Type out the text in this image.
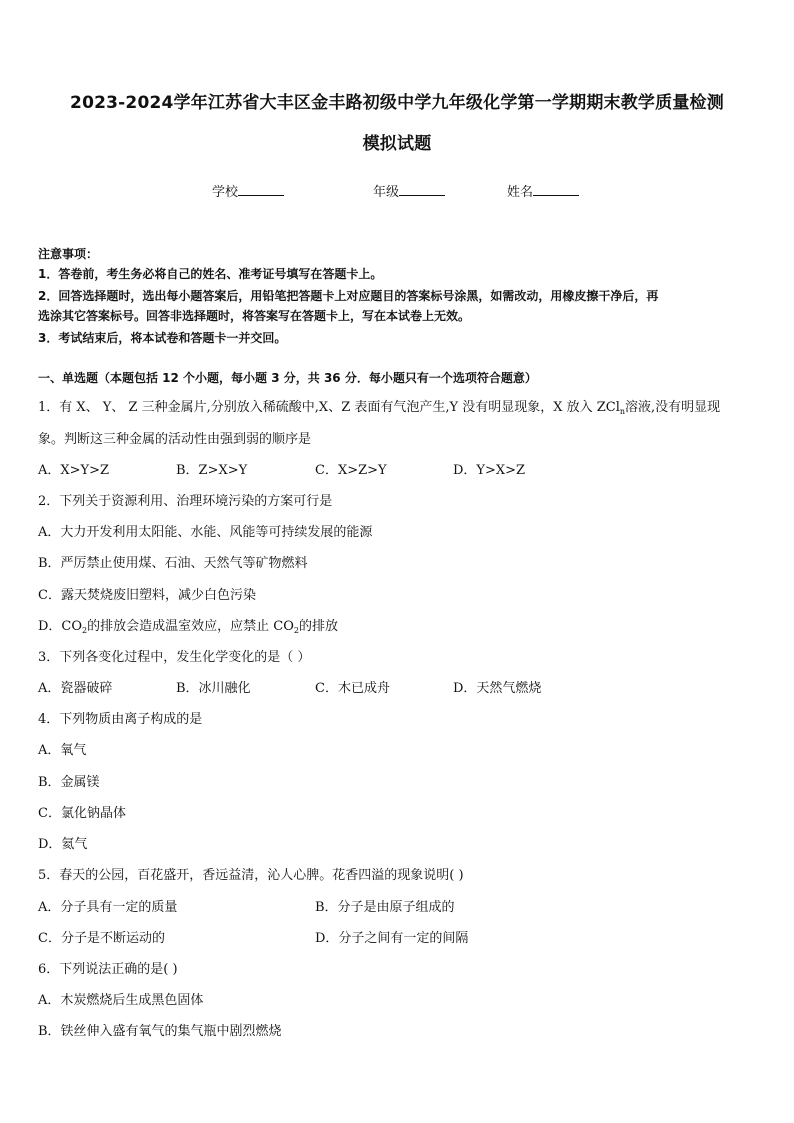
2023-2024学年江苏省大丰区金丰路初级中学九年级化学第一学期期末教学质量检测
模拟试题
学校	年级	姓名
注意事项：
1．答卷前，考生务必将自己的姓名、准考证号填写在答题卡上。
2．回答选择题时，选出每小题答案后，用铅笔把答题卡上对应题目的答案标号涂黑，如需改动，用橡皮擦干净后，再
选涂其它答案标号。回答非选择题时，将答案写在答题卡上，写在本试卷上无效。
3．考试结束后，将本试卷和答题卡一并交回。
一、单选题（本题包括 12 个小题，每小题 3 分，共 36 分．每小题只有一个选项符合题意）
1．有 X、 Y、 Z 三种金属片,分别放入稀硫酸中,X、Z 表面有气泡产生,Y 没有明显现象，X 放入 ZCl$_n$溶液,没有明显现
象。判断这三种金属的活动性由强到弱的顺序是
A．X>Y>Z	B．Z>X>Y	C．X>Z>Y	D．Y>X>Z
2．下列关于资源利用、治理环境污染的方案可行是
A．大力开发利用太阳能、水能、风能等可持续发展的能源
B．严厉禁止使用煤、石油、天然气等矿物燃料
C．露天焚烧废旧塑料，减少白色污染
D．$CO_2$的排放会造成温室效应，应禁止 $CO_2$的排放
3．下列各变化过程中，发生化学变化的是（ ）
A．瓷器破碎	B．冰川融化	C．木已成舟	D．天然气燃烧
4．下列物质由离子构成的是
A．氧气
B．金属镁
C．氯化钠晶体
D．氦气
5．春天的公园，百花盛开，香远益清，沁人心脾。花香四溢的现象说明( )
A．分子具有一定的质量	B．分子是由原子组成的
C．分子是不断运动的	D．分子之间有一定的间隔
6．下列说法正确的是( )
A．木炭燃烧后生成黑色固体
B．铁丝伸入盛有氧气的集气瓶中剧烈燃烧
